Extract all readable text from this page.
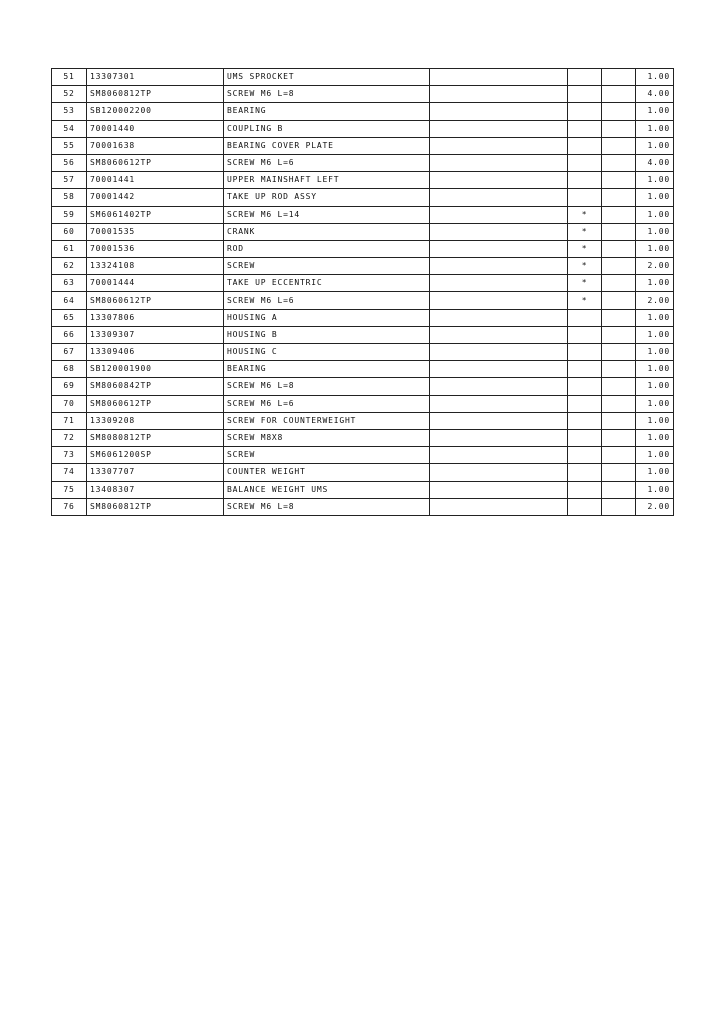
51	13307301	UMS SPROCKET				1.00
52	SM8060812TP	SCREW M6 L=8				4.00
53	SB120002200	BEARING				1.00
54	70001440	COUPLING B				1.00
55	70001638	BEARING COVER PLATE				1.00
56	SM8060612TP	SCREW M6 L=6				4.00
57	70001441	UPPER MAINSHAFT LEFT				1.00
58	70001442	TAKE UP ROD ASSY				1.00
59	SM6061402TP	SCREW M6 L=14		*		1.00
60	70001535	CRANK		*		1.00
61	70001536	ROD		*		1.00
62	13324108	SCREW		*		2.00
63	70001444	TAKE UP ECCENTRIC		*		1.00
64	SM8060612TP	SCREW M6 L=6		*		2.00
65	13307806	HOUSING A				1.00
66	13309307	HOUSING B				1.00
67	13309406	HOUSING C				1.00
68	SB120001900	BEARING				1.00
69	SM8060842TP	SCREW M6 L=8				1.00
70	SM8060612TP	SCREW M6 L=6				1.00
71	13309208	SCREW FOR COUNTERWEIGHT				1.00
72	SM8080812TP	SCREW M8X8				1.00
73	SM6061200SP	SCREW				1.00
74	13307707	COUNTER WEIGHT				1.00
75	13408307	BALANCE WEIGHT UMS				1.00
76	SM8060812TP	SCREW M6 L=8				2.00
